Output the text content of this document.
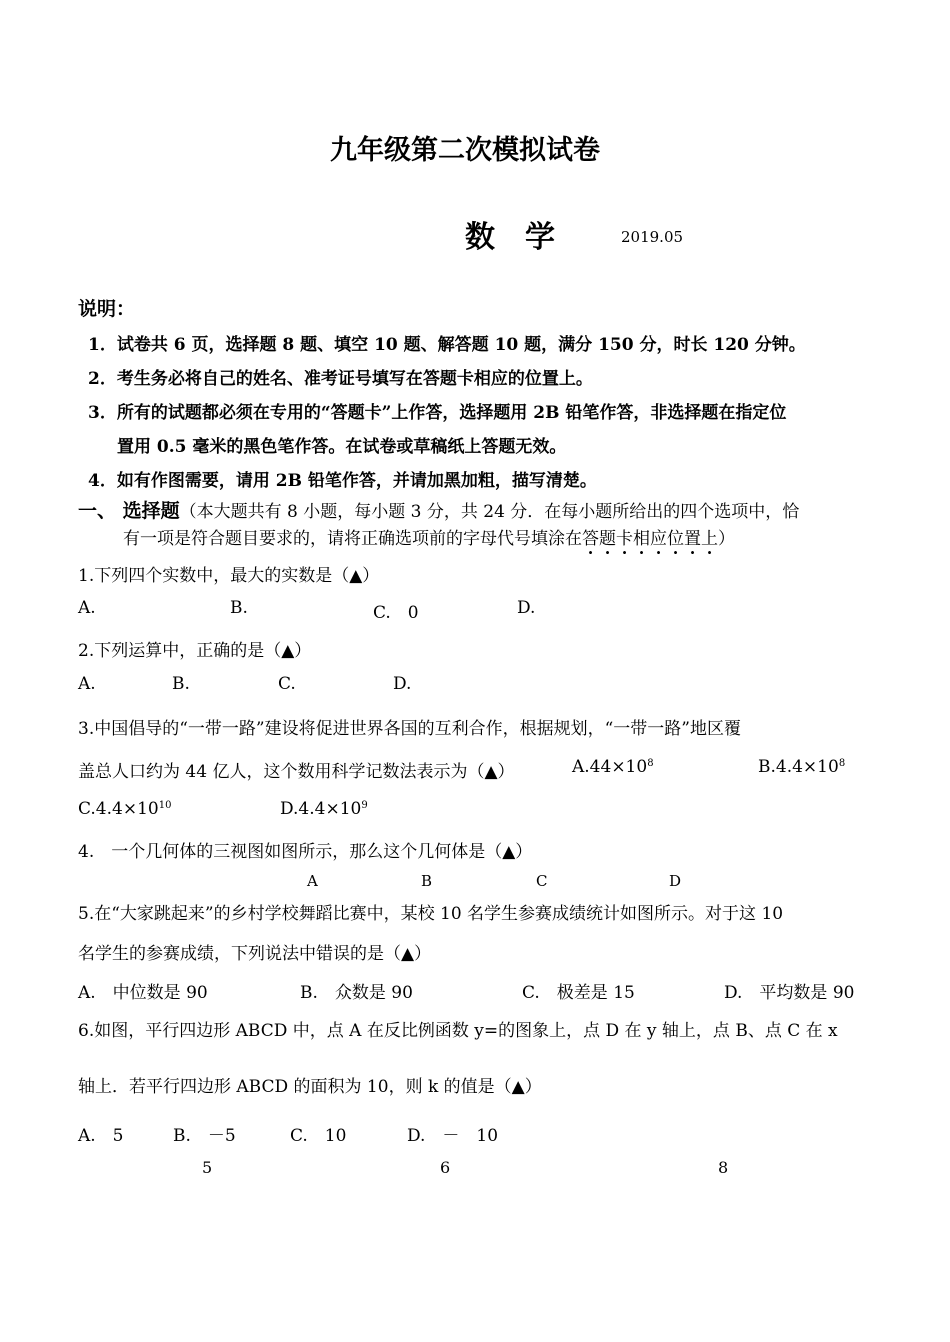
九年级第二次模拟试卷
数　学	2019.05
说明：
1．试卷共 6 页，选择题 8 题、填空 10 题、解答题 10 题，满分 150 分，时长 120 分钟。
2．考生务必将自己的姓名、准考证号填写在答题卡相应的位置上。
3．所有的试题都必须在专用的“答题卡”上作答，选择题用 2B 铅笔作答，非选择题在指定位
置用 0.5 毫米的黑色笔作答。在试卷或草稿纸上答题无效。
4．如有作图需要，请用 2B 铅笔作答，并请加黑加粗，描写清楚。
一、 选择题（本大题共有 8 小题，每小题 3 分，共 24 分．在每小题所给出的四个选项中，恰
有一项是符合题目要求的，请将正确选项前的字母代号填涂在答题卡相应位置上）
1.下列四个实数中，最大的实数是（▲）
A.	B.	C.　0	D.
2.下列运算中，正确的是（▲）
A.	B.	C.	D.
3.中国倡导的“一带一路”建设将促进世界各国的互利合作，根据规划，“一带一路”地区覆
盖总人口约为 44 亿人，这个数用科学记数法表示为（▲）	$A.44\times 10^8$	$B.4.4\times 10^8$
$C.4.4\times 10^{10}$	$D.4.4\times 10^9$
4.　一个几何体的三视图如图所示，那么这个几何体是（▲）
A	B	C	D
5.在“大家跳起来”的乡村学校舞蹈比赛中，某校 10 名学生参赛成绩统计如图所示。对于这 10
名学生的参赛成绩，下列说法中错误的是（▲）
A.　中位数是 90	B.　众数是 90	C.　极差是 15	D.　平均数是 90
6.如图，平行四边形 ABCD 中，点 A 在反比例函数 y=的图象上，点 D 在 y 轴上，点 B、点 C 在 x
轴上．若平行四边形 ABCD 的面积为 10，则 k 的值是（▲）
A.　5	B.　－5	C.　10	D.　－　10
5	6	8
